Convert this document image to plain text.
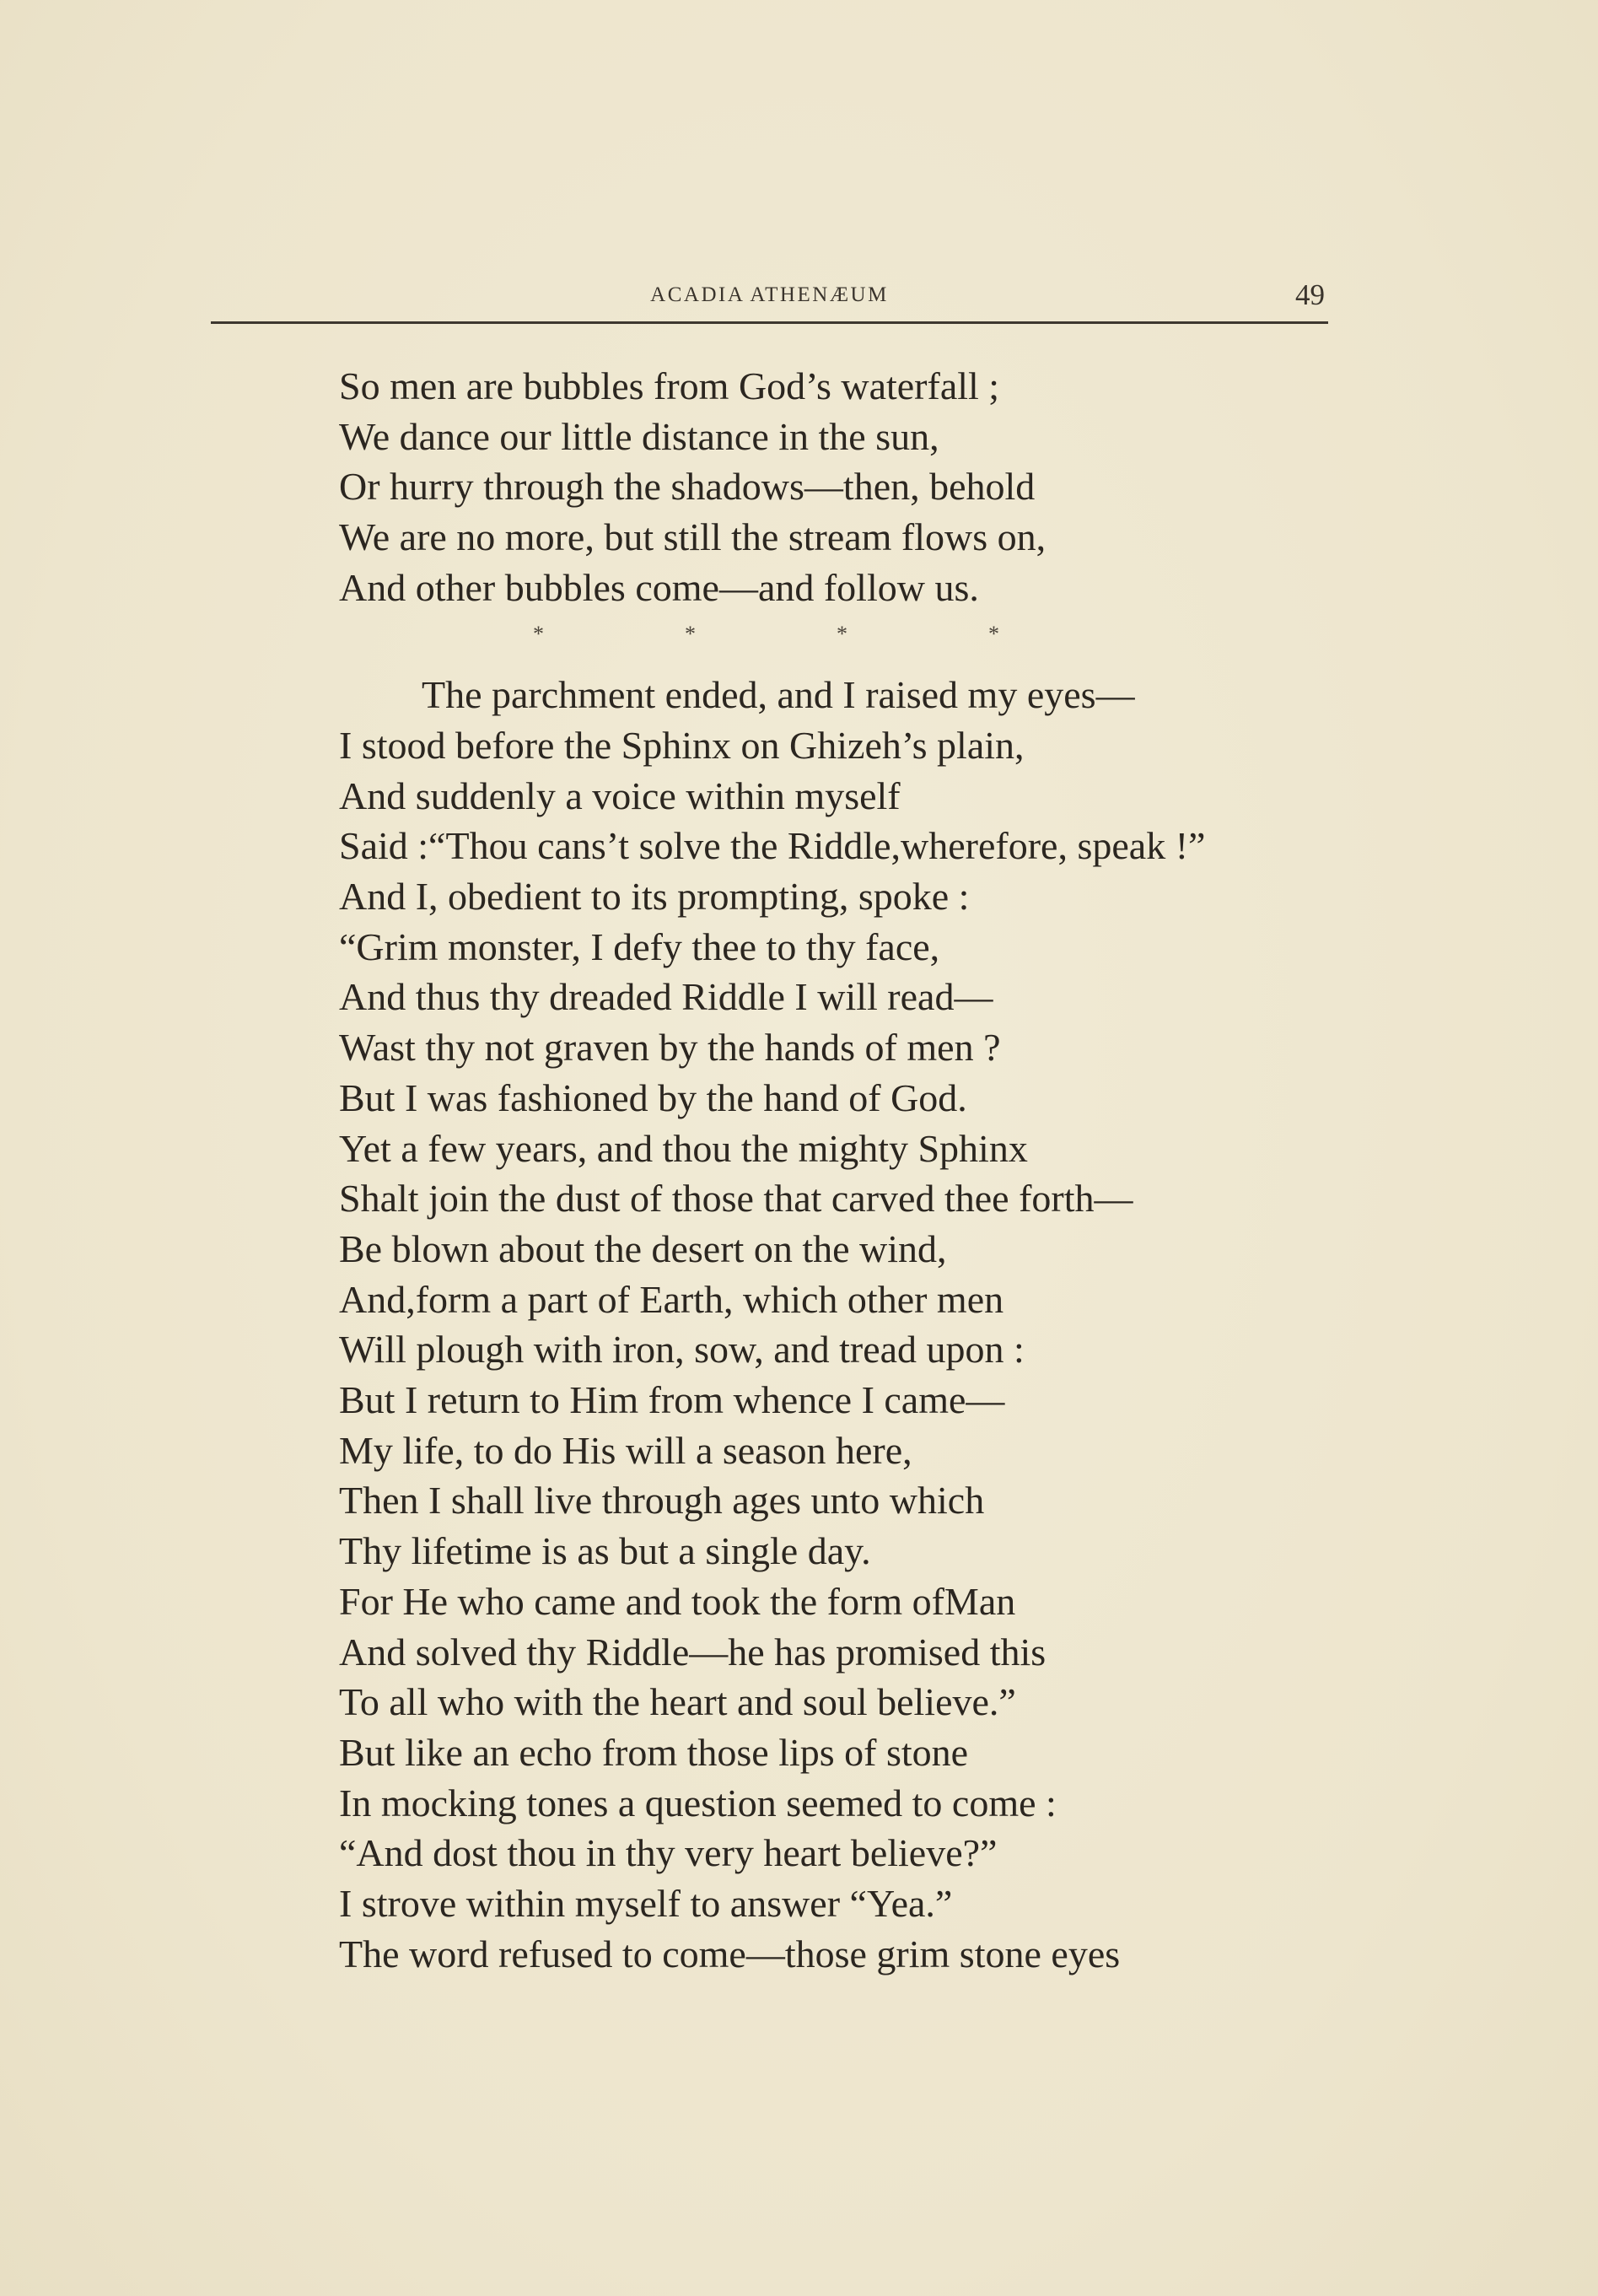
ACADIA ATHENÆUM	49
So men are bubbles from God’s waterfall ;
We dance our little distance in the sun,
Or hurry through the shadows—then, behold
We are no more, but still the stream flows on,
And other bubbles come—and follow us.
*	*	*	*
The parchment ended, and I raised my eyes—
I stood before the Sphinx on Ghizeh’s plain,
And suddenly a voice within myself
Said :“Thou cans’t solve the Riddle,wherefore, speak !”
And I, obedient to its prompting, spoke :
“Grim monster, I defy thee to thy face,
And thus thy dreaded Riddle I will read—
Wast thy not graven by the hands of men ?
But I was fashioned by the hand of God.
Yet a few years, and thou the mighty Sphinx
Shalt join the dust of those that carved thee forth—
Be blown about the desert on the wind,
And,form a part of Earth, which other men
Will plough with iron, sow, and tread upon :
But I return to Him from whence I came—
My life, to do His will a season here,
Then I shall live through ages unto which
Thy lifetime is as but a single day.
For He who came and took the form ofMan
And solved thy Riddle—he has promised this
To all who with the heart and soul believe.”
But like an echo from those lips of stone
In mocking tones a question seemed to come :
“And dost thou in thy very heart believe?”
I strove within myself to answer “Yea.”
The word refused to come—those grim stone eyes
